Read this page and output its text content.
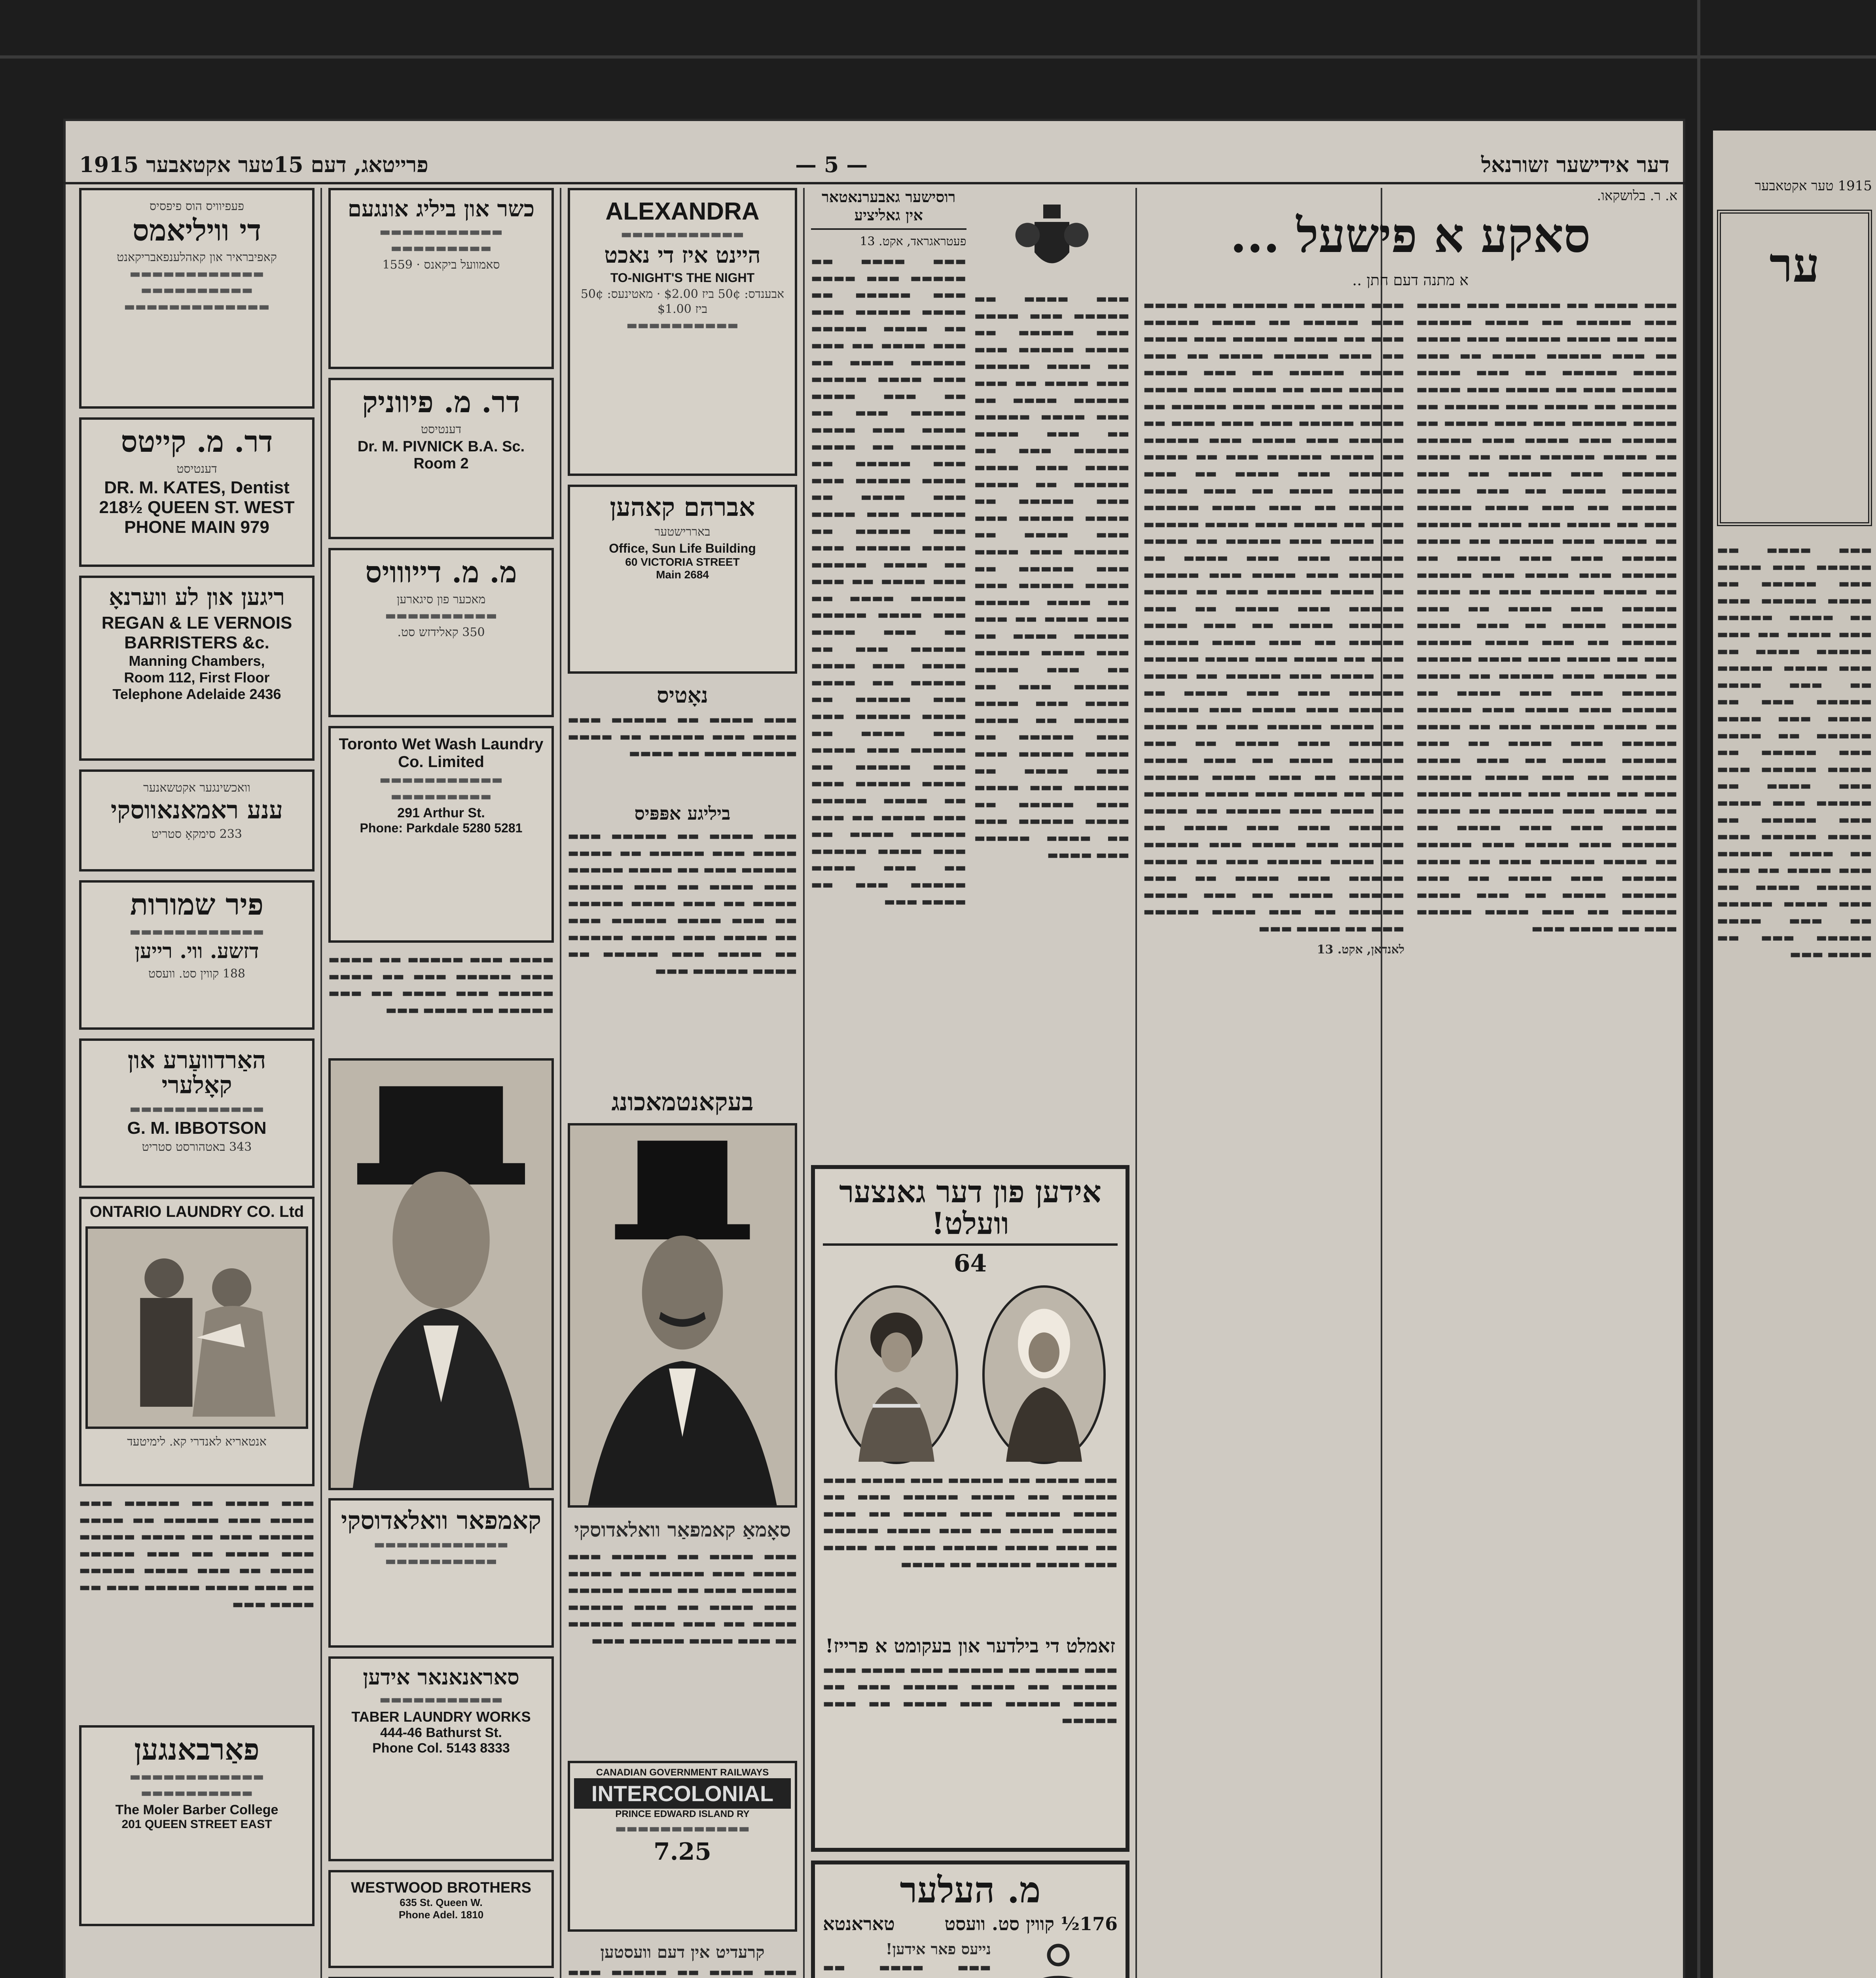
1915 פרייטאג, דעם 15טער אקטאבער	— 5 —	דער אידישער זשורנאל

פעפיוויס הוס פיפסיס

די וויליאמס

קאפיבראיר און קאהלענפאבריקאנט

▬▬▬▬▬▬▬▬▬▬▬▬

▬▬▬▬▬▬▬▬▬▬

▬▬▬▬▬▬▬▬▬▬▬▬▬

דר. מ. קייטס

דענטיסט

DR. M. KATES, Dentist
218½ QUEEN ST. WEST
PHONE MAIN 979
ריגען און לע ווערנאָ
REGAN & LE VERNOIS
BARRISTERS &c.
Manning Chambers,
Room 112, First Floor
Telephone Adelaide 2436

וואכשינגער אקטשאנער

ענע ראמאנאווסקי

233 סימקאָ סטריט

פיר שמורות

▬▬▬▬▬▬▬▬▬▬▬▬

דזשע. ווי. רייען

188 קווין סט. וועסט

האַרדוועַרע און קאָלערי

▬▬▬▬▬▬▬▬▬▬▬▬

G. M. IBBOTSON

343 באטהורסט סטריט

ONTARIO LAUNDRY CO. Ltd

אנטאריא לאנדרי קא. לימיטעד

▬▬▬ ▬▬▬▬ ▬▬ ▬▬▬▬▬ ▬▬▬ ▬▬▬▬ ▬▬▬ ▬▬▬▬▬ ▬▬ ▬▬▬▬ ▬▬▬▬▬ ▬▬▬ ▬▬ ▬▬▬▬ ▬▬▬▬▬ ▬▬▬ ▬▬▬▬ ▬▬ ▬▬▬ ▬▬▬▬▬ ▬▬▬▬ ▬▬ ▬▬▬ ▬▬▬▬ ▬▬▬▬▬ ▬▬ ▬▬▬ ▬▬▬▬ ▬▬▬▬▬ ▬▬▬ ▬▬ ▬▬▬▬ ▬▬▬
פאַרבאנגען

▬▬▬▬▬▬▬▬▬▬▬▬

▬▬▬▬▬▬▬▬▬▬

The Moler Barber College
201 QUEEN STREET EAST
כשר און ביליג אונגעם

▬▬▬▬▬▬▬▬▬▬▬

▬▬▬▬▬▬▬▬▬

סאמוועל ביקאנס · 1559

דר. מ. פיווניק

דענטיסט

Dr. M. PIVNICK B.A. Sc.
Room 2
מ. מ. דייווויס

מאכער פון סיגארען

▬▬▬▬▬▬▬▬▬▬

350 קאלידזש סט.

Toronto Wet Wash Laundry
Co. Limited

▬▬▬▬▬▬▬▬▬▬▬

▬▬▬▬▬▬▬▬▬

291 Arthur St.
Phone: Parkdale 5280 5281
▬▬▬▬ ▬▬▬ ▬▬▬▬▬ ▬▬ ▬▬▬▬ ▬▬▬ ▬▬▬▬▬ ▬▬▬ ▬▬ ▬▬▬▬ ▬▬▬▬▬ ▬▬▬ ▬▬▬▬ ▬▬ ▬▬▬ ▬▬▬▬▬ ▬▬ ▬▬▬▬ ▬▬▬
קאמפאר וואלאדוסקי

▬▬▬▬▬▬▬▬▬▬▬▬

▬▬▬▬▬▬▬▬▬▬

סאראנאנאר אידען

▬▬▬▬▬▬▬▬▬▬▬

TABER LAUNDRY WORKS
444-46 Bathurst St.
Phone Col. 5143 8333
WESTWOOD BROTHERS
635 St. Queen W.
Phone Adel. 1810

ALEXANDRA

▬▬▬▬▬▬▬▬▬▬▬

היינט איז די נאכט
TO-NIGHT'S THE NIGHT

אבענדס: 50¢ ביז $2.00 · מאטינעס: 50¢ ביז $1.00

▬▬▬▬▬▬▬▬▬▬

אברהם קאהען

באררישטער

Office, Sun Life Building
60 VICTORIA STREET
Main 2684
נאָטיס
▬▬▬ ▬▬▬▬ ▬▬ ▬▬▬▬▬ ▬▬▬ ▬▬▬▬ ▬▬▬ ▬▬▬▬▬ ▬▬ ▬▬▬▬ ▬▬▬▬▬ ▬▬▬ ▬▬ ▬▬▬▬
ביליגע אפּפּיס
▬▬▬ ▬▬▬▬ ▬▬ ▬▬▬▬▬ ▬▬▬ ▬▬▬▬ ▬▬▬ ▬▬▬▬▬ ▬▬ ▬▬▬▬ ▬▬▬▬▬ ▬▬▬ ▬▬ ▬▬▬▬ ▬▬▬▬▬ ▬▬▬ ▬▬▬▬ ▬▬ ▬▬▬ ▬▬▬▬▬ ▬▬▬▬ ▬▬ ▬▬▬ ▬▬▬▬ ▬▬▬▬▬ ▬▬ ▬▬▬ ▬▬▬▬ ▬▬▬▬▬ ▬▬▬ ▬▬ ▬▬▬▬ ▬▬▬ ▬▬▬▬ ▬▬▬▬▬ ▬▬ ▬▬▬▬ ▬▬▬ ▬▬▬▬▬ ▬▬ ▬▬▬▬ ▬▬▬▬▬ ▬▬▬
בעקאנטמאכונג
סאָמאַ קאמפאַר וואלאדוסקי
▬▬▬ ▬▬▬▬ ▬▬ ▬▬▬▬▬ ▬▬▬ ▬▬▬▬ ▬▬▬ ▬▬▬▬▬ ▬▬ ▬▬▬▬ ▬▬▬▬▬ ▬▬▬ ▬▬ ▬▬▬▬ ▬▬▬▬▬ ▬▬▬ ▬▬▬▬ ▬▬ ▬▬▬ ▬▬▬▬▬ ▬▬▬▬ ▬▬ ▬▬▬ ▬▬▬▬ ▬▬▬▬▬ ▬▬ ▬▬▬ ▬▬▬▬ ▬▬▬▬▬ ▬▬▬
CANADIAN GOVERNMENT RAILWAYS
INTERCOLONIAL
PRINCE EDWARD ISLAND RY

▬▬▬▬▬▬▬▬▬▬▬▬

7.25
קרעדיט אין דעם וועסטען
▬▬▬ ▬▬▬▬ ▬▬ ▬▬▬▬▬ ▬▬▬
רוסישער גאבערנאטאר אין גאליציע
פעטראגראד, אקט. 13
▬▬▬ ▬▬▬▬ ▬▬ ▬▬▬▬▬ ▬▬▬ ▬▬▬▬ ▬▬▬ ▬▬▬▬▬ ▬▬ ▬▬▬▬ ▬▬▬▬▬ ▬▬▬ ▬▬ ▬▬▬▬ ▬▬▬▬▬ ▬▬▬ ▬▬▬▬ ▬▬ ▬▬▬ ▬▬▬▬▬ ▬▬▬▬ ▬▬ ▬▬▬ ▬▬▬▬ ▬▬▬▬▬ ▬▬ ▬▬▬ ▬▬▬▬ ▬▬▬▬▬ ▬▬▬ ▬▬ ▬▬▬▬ ▬▬▬ ▬▬▬▬ ▬▬▬▬▬ ▬▬ ▬▬▬▬ ▬▬▬ ▬▬▬▬▬ ▬▬ ▬▬▬▬ ▬▬▬▬▬ ▬▬▬ ▬▬▬ ▬▬▬▬ ▬▬ ▬▬▬▬▬ ▬▬▬ ▬▬▬▬ ▬▬▬ ▬▬▬▬▬ ▬▬ ▬▬▬▬ ▬▬▬▬▬ ▬▬▬ ▬▬ ▬▬▬▬ ▬▬▬▬▬ ▬▬▬ ▬▬▬▬ ▬▬ ▬▬▬ ▬▬▬▬▬ ▬▬▬▬ ▬▬ ▬▬▬ ▬▬▬▬ ▬▬▬▬▬ ▬▬ ▬▬▬ ▬▬▬▬ ▬▬▬▬▬ ▬▬▬ ▬▬ ▬▬▬▬ ▬▬▬ ▬▬▬▬ ▬▬▬▬▬ ▬▬ ▬▬▬▬ ▬▬▬ ▬▬▬▬▬ ▬▬ ▬▬▬▬ ▬▬▬▬▬ ▬▬▬ ▬▬▬ ▬▬▬▬ ▬▬ ▬▬▬▬▬ ▬▬▬ ▬▬▬▬ ▬▬▬ ▬▬▬▬▬ ▬▬ ▬▬▬▬ ▬▬▬▬▬ ▬▬▬ ▬▬ ▬▬▬▬ ▬▬▬▬▬ ▬▬▬ ▬▬▬▬ ▬▬ ▬▬▬ ▬▬▬▬▬ ▬▬▬▬ ▬▬ ▬▬▬ ▬▬▬▬ ▬▬▬▬▬ ▬▬ ▬▬▬ ▬▬▬▬ ▬▬▬▬▬ ▬▬▬ ▬▬ ▬▬▬▬ ▬▬▬
▬▬▬ ▬▬▬▬ ▬▬ ▬▬▬▬▬ ▬▬▬ ▬▬▬▬ ▬▬▬ ▬▬▬▬▬ ▬▬ ▬▬▬▬ ▬▬▬▬▬ ▬▬▬ ▬▬ ▬▬▬▬ ▬▬▬▬▬ ▬▬▬ ▬▬▬▬ ▬▬ ▬▬▬ ▬▬▬▬▬ ▬▬▬▬ ▬▬ ▬▬▬ ▬▬▬▬ ▬▬▬▬▬ ▬▬ ▬▬▬ ▬▬▬▬ ▬▬▬▬▬ ▬▬▬ ▬▬ ▬▬▬▬ ▬▬▬ ▬▬▬▬ ▬▬▬▬▬ ▬▬ ▬▬▬▬ ▬▬▬ ▬▬▬▬▬ ▬▬ ▬▬▬▬ ▬▬▬▬▬ ▬▬▬ ▬▬▬ ▬▬▬▬ ▬▬ ▬▬▬▬▬ ▬▬▬ ▬▬▬▬ ▬▬▬ ▬▬▬▬▬ ▬▬ ▬▬▬▬ ▬▬▬▬▬ ▬▬▬ ▬▬ ▬▬▬▬ ▬▬▬▬▬ ▬▬▬ ▬▬▬▬ ▬▬ ▬▬▬ ▬▬▬▬▬ ▬▬▬▬ ▬▬ ▬▬▬ ▬▬▬▬ ▬▬▬▬▬ ▬▬ ▬▬▬ ▬▬▬▬ ▬▬▬▬▬ ▬▬▬ ▬▬ ▬▬▬▬ ▬▬▬ ▬▬▬▬ ▬▬▬▬▬ ▬▬ ▬▬▬▬ ▬▬▬ ▬▬▬▬▬ ▬▬ ▬▬▬▬ ▬▬▬▬▬ ▬▬▬ ▬▬▬ ▬▬▬▬ ▬▬ ▬▬▬▬▬ ▬▬▬ ▬▬▬▬ ▬▬▬ ▬▬▬▬▬ ▬▬ ▬▬▬▬ ▬▬▬▬▬ ▬▬▬ ▬▬ ▬▬▬▬ ▬▬▬▬▬ ▬▬▬ ▬▬▬▬
אידען פון דער גאנצער וועלט!
64
▬▬▬ ▬▬▬▬ ▬▬ ▬▬▬▬▬ ▬▬▬ ▬▬▬▬ ▬▬▬ ▬▬▬▬▬ ▬▬ ▬▬▬▬ ▬▬▬▬▬ ▬▬▬ ▬▬ ▬▬▬▬ ▬▬▬▬▬ ▬▬▬ ▬▬▬▬ ▬▬ ▬▬▬ ▬▬▬▬▬ ▬▬▬▬ ▬▬ ▬▬▬ ▬▬▬▬ ▬▬▬▬▬ ▬▬ ▬▬▬ ▬▬▬▬ ▬▬▬▬▬ ▬▬▬ ▬▬ ▬▬▬▬ ▬▬▬ ▬▬▬▬ ▬▬▬▬▬ ▬▬ ▬▬▬▬
זאמלט די בילדער און בעקומט א פרייז!
▬▬▬ ▬▬▬▬ ▬▬ ▬▬▬▬▬ ▬▬▬ ▬▬▬▬ ▬▬▬ ▬▬▬▬▬ ▬▬ ▬▬▬▬ ▬▬▬▬▬ ▬▬▬ ▬▬ ▬▬▬▬ ▬▬▬▬▬ ▬▬▬ ▬▬▬▬ ▬▬ ▬▬▬ ▬▬▬▬▬
מ. העלער
176½ קווין סט. וועסט
טאראנטא
נייעס פאר אידען!
▬▬▬ ▬▬▬▬ ▬▬
א. ר. בלושקאו.
סאקע א פישעל ...
א מתנה דעם חתן ..
▬▬▬ ▬▬▬▬ ▬▬ ▬▬▬▬▬ ▬▬▬ ▬▬▬▬ ▬▬▬ ▬▬▬▬▬ ▬▬ ▬▬▬▬ ▬▬▬▬▬ ▬▬▬ ▬▬ ▬▬▬▬ ▬▬▬▬▬ ▬▬▬ ▬▬▬▬ ▬▬ ▬▬▬ ▬▬▬▬▬ ▬▬▬▬ ▬▬ ▬▬▬ ▬▬▬▬ ▬▬▬▬▬ ▬▬ ▬▬▬ ▬▬▬▬ ▬▬▬▬▬ ▬▬▬ ▬▬ ▬▬▬▬ ▬▬▬ ▬▬▬▬ ▬▬▬▬▬ ▬▬ ▬▬▬▬ ▬▬▬ ▬▬▬▬▬ ▬▬ ▬▬▬▬ ▬▬▬▬▬ ▬▬▬ ▬▬▬ ▬▬▬▬ ▬▬ ▬▬▬▬▬ ▬▬▬ ▬▬▬▬ ▬▬▬ ▬▬▬▬▬ ▬▬ ▬▬▬▬ ▬▬▬▬▬ ▬▬▬ ▬▬ ▬▬▬▬ ▬▬▬▬▬ ▬▬▬ ▬▬▬▬ ▬▬ ▬▬▬ ▬▬▬▬▬ ▬▬▬▬ ▬▬ ▬▬▬ ▬▬▬▬ ▬▬▬▬▬ ▬▬ ▬▬▬ ▬▬▬▬ ▬▬▬▬▬ ▬▬▬ ▬▬ ▬▬▬▬ ▬▬▬ ▬▬▬▬ ▬▬▬▬▬ ▬▬ ▬▬▬▬ ▬▬▬ ▬▬▬▬▬ ▬▬ ▬▬▬▬ ▬▬▬▬▬ ▬▬▬ ▬▬▬ ▬▬▬▬ ▬▬ ▬▬▬▬▬ ▬▬▬ ▬▬▬▬ ▬▬▬ ▬▬▬▬▬ ▬▬ ▬▬▬▬ ▬▬▬▬▬ ▬▬▬ ▬▬ ▬▬▬▬ ▬▬▬▬▬ ▬▬▬ ▬▬▬▬ ▬▬ ▬▬▬ ▬▬▬▬▬ ▬▬▬▬ ▬▬ ▬▬▬ ▬▬▬▬ ▬▬▬▬▬ ▬▬ ▬▬▬ ▬▬▬▬ ▬▬▬▬▬ ▬▬▬ ▬▬ ▬▬▬▬ ▬▬▬ ▬▬▬▬ ▬▬▬▬▬ ▬▬ ▬▬▬▬ ▬▬▬ ▬▬▬▬▬ ▬▬ ▬▬▬▬ ▬▬▬▬▬ ▬▬▬ ▬▬▬ ▬▬▬▬ ▬▬ ▬▬▬▬▬ ▬▬▬ ▬▬▬▬ ▬▬▬ ▬▬▬▬▬ ▬▬ ▬▬▬▬ ▬▬▬▬▬ ▬▬▬ ▬▬ ▬▬▬▬ ▬▬▬▬▬ ▬▬▬ ▬▬▬▬ ▬▬ ▬▬▬ ▬▬▬▬▬ ▬▬▬▬ ▬▬ ▬▬▬ ▬▬▬▬ ▬▬▬▬▬ ▬▬ ▬▬▬ ▬▬▬▬ ▬▬▬▬▬ ▬▬▬ ▬▬ ▬▬▬▬ ▬▬▬ ▬▬▬▬ ▬▬▬▬▬ ▬▬ ▬▬▬▬ ▬▬▬ ▬▬▬▬▬ ▬▬ ▬▬▬▬ ▬▬▬▬▬ ▬▬▬ ▬▬▬ ▬▬▬▬ ▬▬ ▬▬▬▬▬ ▬▬▬ ▬▬▬▬ ▬▬▬ ▬▬▬▬▬ ▬▬ ▬▬▬▬ ▬▬▬▬▬ ▬▬▬ ▬▬ ▬▬▬▬ ▬▬▬▬▬ ▬▬▬ ▬▬▬▬ ▬▬ ▬▬▬ ▬▬▬▬▬ ▬▬▬▬ ▬▬ ▬▬▬ ▬▬▬▬ ▬▬▬▬▬ ▬▬ ▬▬▬ ▬▬▬▬ ▬▬▬▬▬ ▬▬▬ ▬▬ ▬▬▬▬ ▬▬▬
▬▬▬ ▬▬▬▬ ▬▬ ▬▬▬▬▬ ▬▬▬ ▬▬▬▬ ▬▬▬ ▬▬▬▬▬ ▬▬ ▬▬▬▬ ▬▬▬▬▬ ▬▬▬ ▬▬ ▬▬▬▬ ▬▬▬▬▬ ▬▬▬ ▬▬▬▬ ▬▬ ▬▬▬ ▬▬▬▬▬ ▬▬▬▬ ▬▬ ▬▬▬ ▬▬▬▬ ▬▬▬▬▬ ▬▬ ▬▬▬ ▬▬▬▬ ▬▬▬▬▬ ▬▬▬ ▬▬ ▬▬▬▬ ▬▬▬ ▬▬▬▬ ▬▬▬▬▬ ▬▬ ▬▬▬▬ ▬▬▬ ▬▬▬▬▬ ▬▬ ▬▬▬▬ ▬▬▬▬▬ ▬▬▬ ▬▬▬ ▬▬▬▬ ▬▬ ▬▬▬▬▬ ▬▬▬ ▬▬▬▬ ▬▬▬ ▬▬▬▬▬ ▬▬ ▬▬▬▬ ▬▬▬▬▬ ▬▬▬ ▬▬ ▬▬▬▬ ▬▬▬▬▬ ▬▬▬ ▬▬▬▬ ▬▬ ▬▬▬ ▬▬▬▬▬ ▬▬▬▬ ▬▬ ▬▬▬ ▬▬▬▬ ▬▬▬▬▬ ▬▬ ▬▬▬ ▬▬▬▬ ▬▬▬▬▬ ▬▬▬ ▬▬ ▬▬▬▬ ▬▬▬ ▬▬▬▬ ▬▬▬▬▬ ▬▬ ▬▬▬▬ ▬▬▬ ▬▬▬▬▬ ▬▬ ▬▬▬▬ ▬▬▬▬▬ ▬▬▬ ▬▬▬ ▬▬▬▬ ▬▬ ▬▬▬▬▬ ▬▬▬ ▬▬▬▬ ▬▬▬ ▬▬▬▬▬ ▬▬ ▬▬▬▬ ▬▬▬▬▬ ▬▬▬ ▬▬ ▬▬▬▬ ▬▬▬▬▬ ▬▬▬ ▬▬▬▬ ▬▬ ▬▬▬ ▬▬▬▬▬ ▬▬▬▬ ▬▬ ▬▬▬ ▬▬▬▬ ▬▬▬▬▬ ▬▬ ▬▬▬ ▬▬▬▬ ▬▬▬▬▬ ▬▬▬ ▬▬ ▬▬▬▬ ▬▬▬ ▬▬▬▬ ▬▬▬▬▬ ▬▬ ▬▬▬▬ ▬▬▬ ▬▬▬▬▬ ▬▬ ▬▬▬▬ ▬▬▬▬▬ ▬▬▬ ▬▬▬ ▬▬▬▬ ▬▬ ▬▬▬▬▬ ▬▬▬ ▬▬▬▬ ▬▬▬ ▬▬▬▬▬ ▬▬ ▬▬▬▬ ▬▬▬▬▬ ▬▬▬ ▬▬ ▬▬▬▬ ▬▬▬▬▬ ▬▬▬ ▬▬▬▬ ▬▬ ▬▬▬ ▬▬▬▬▬ ▬▬▬▬ ▬▬ ▬▬▬ ▬▬▬▬ ▬▬▬▬▬ ▬▬ ▬▬▬ ▬▬▬▬ ▬▬▬▬▬ ▬▬▬ ▬▬ ▬▬▬▬ ▬▬▬ ▬▬▬▬ ▬▬▬▬▬ ▬▬ ▬▬▬▬ ▬▬▬ ▬▬▬▬▬ ▬▬ ▬▬▬▬ ▬▬▬▬▬ ▬▬▬ ▬▬▬ ▬▬▬▬ ▬▬ ▬▬▬▬▬ ▬▬▬ ▬▬▬▬ ▬▬▬ ▬▬▬▬▬ ▬▬ ▬▬▬▬ ▬▬▬▬▬ ▬▬▬ ▬▬ ▬▬▬▬ ▬▬▬▬▬ ▬▬▬ ▬▬▬▬ ▬▬ ▬▬▬ ▬▬▬▬▬ ▬▬▬▬ ▬▬ ▬▬▬ ▬▬▬▬ ▬▬▬▬▬ ▬▬ ▬▬▬ ▬▬▬▬ ▬▬▬▬▬ ▬▬▬ ▬▬ ▬▬▬▬ ▬▬▬
לאנדאן, אקט. 13
1915 טער אקטאבער
ער
▬▬▬ ▬▬▬▬ ▬▬ ▬▬▬▬▬ ▬▬▬ ▬▬▬▬ ▬▬▬ ▬▬▬▬▬ ▬▬ ▬▬▬▬ ▬▬▬▬▬ ▬▬▬ ▬▬ ▬▬▬▬ ▬▬▬▬▬ ▬▬▬ ▬▬▬▬ ▬▬ ▬▬▬ ▬▬▬▬▬ ▬▬▬▬ ▬▬ ▬▬▬ ▬▬▬▬ ▬▬▬▬▬ ▬▬ ▬▬▬ ▬▬▬▬ ▬▬▬▬▬ ▬▬▬ ▬▬ ▬▬▬▬ ▬▬▬ ▬▬▬▬ ▬▬▬▬▬ ▬▬ ▬▬▬▬ ▬▬▬ ▬▬▬▬▬ ▬▬ ▬▬▬▬ ▬▬▬▬▬ ▬▬▬ ▬▬▬ ▬▬▬▬ ▬▬ ▬▬▬▬▬ ▬▬▬ ▬▬▬▬ ▬▬▬ ▬▬▬▬▬ ▬▬ ▬▬▬▬ ▬▬▬▬▬ ▬▬▬ ▬▬ ▬▬▬▬ ▬▬▬▬▬ ▬▬▬ ▬▬▬▬ ▬▬ ▬▬▬ ▬▬▬▬▬ ▬▬▬▬ ▬▬ ▬▬▬ ▬▬▬▬ ▬▬▬▬▬ ▬▬ ▬▬▬ ▬▬▬▬ ▬▬▬▬▬ ▬▬▬ ▬▬ ▬▬▬▬ ▬▬▬
